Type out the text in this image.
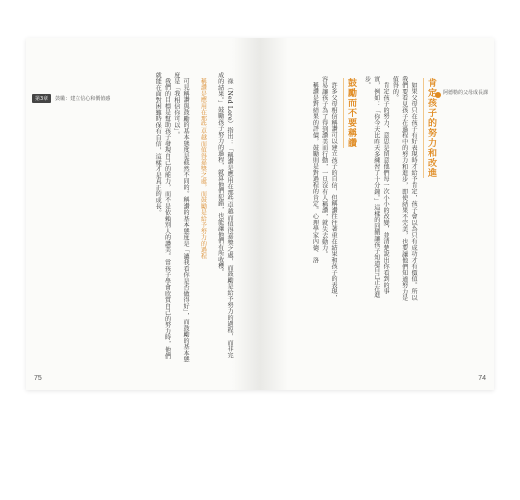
第3章	鼓勵：建立信心和價值感	祿（Ned Lore）指出：「稱讚是應用在那些卓越而值得嘉獎之處，而鼓勵是給予努力的過程，而非完成的結果。」鼓勵孩子努力的過程，就算他們犯錯，也能讓他們有所收穫。

稱讚是應用在那些卓越而值得嘉獎之處，而鼓勵是給予努力的過程

可見稱讚與鼓勵的基本態度是截然不同的。稱讚的基本態度是「讓我看你是否做得好」，而鼓勵的基本態度是「我相信你可以」。

我們的目標是幫助孩子發現自己的能力，而不是依賴別人的讚美。當孩子學會欣賞自己的努力時，他們就能在面對困難時保有自信，這樣才是真正的成長。

75
阿德勒的父母成長課
肯定孩子的努力和改進

如果父母只在孩子有好表現時才給予肯定，孩子會以為只有成功才有價值。所以我們要看見孩子在過程中的努力和進步，即使結果不完美，也要讓他們知道努力是值得的。

肯定孩子的努力，意思是留意他們每一次小小的改變，並清楚說出你看到的事實，例如：「你今天比昨天多練習了十分鐘。」這樣的回饋讓孩子知道自己正在進步。

鼓勵而不要稱讚

許多父母相信稱讚可以建立孩子的自信，但稱讚往往著重在結果和孩子的表現，容易讓孩子為了得到讚美而行動，一旦沒有人稱讚，就失去動力。

稱讚是對結果的評價，鼓勵則是對過程的肯定。心理學家內德．洛

74
